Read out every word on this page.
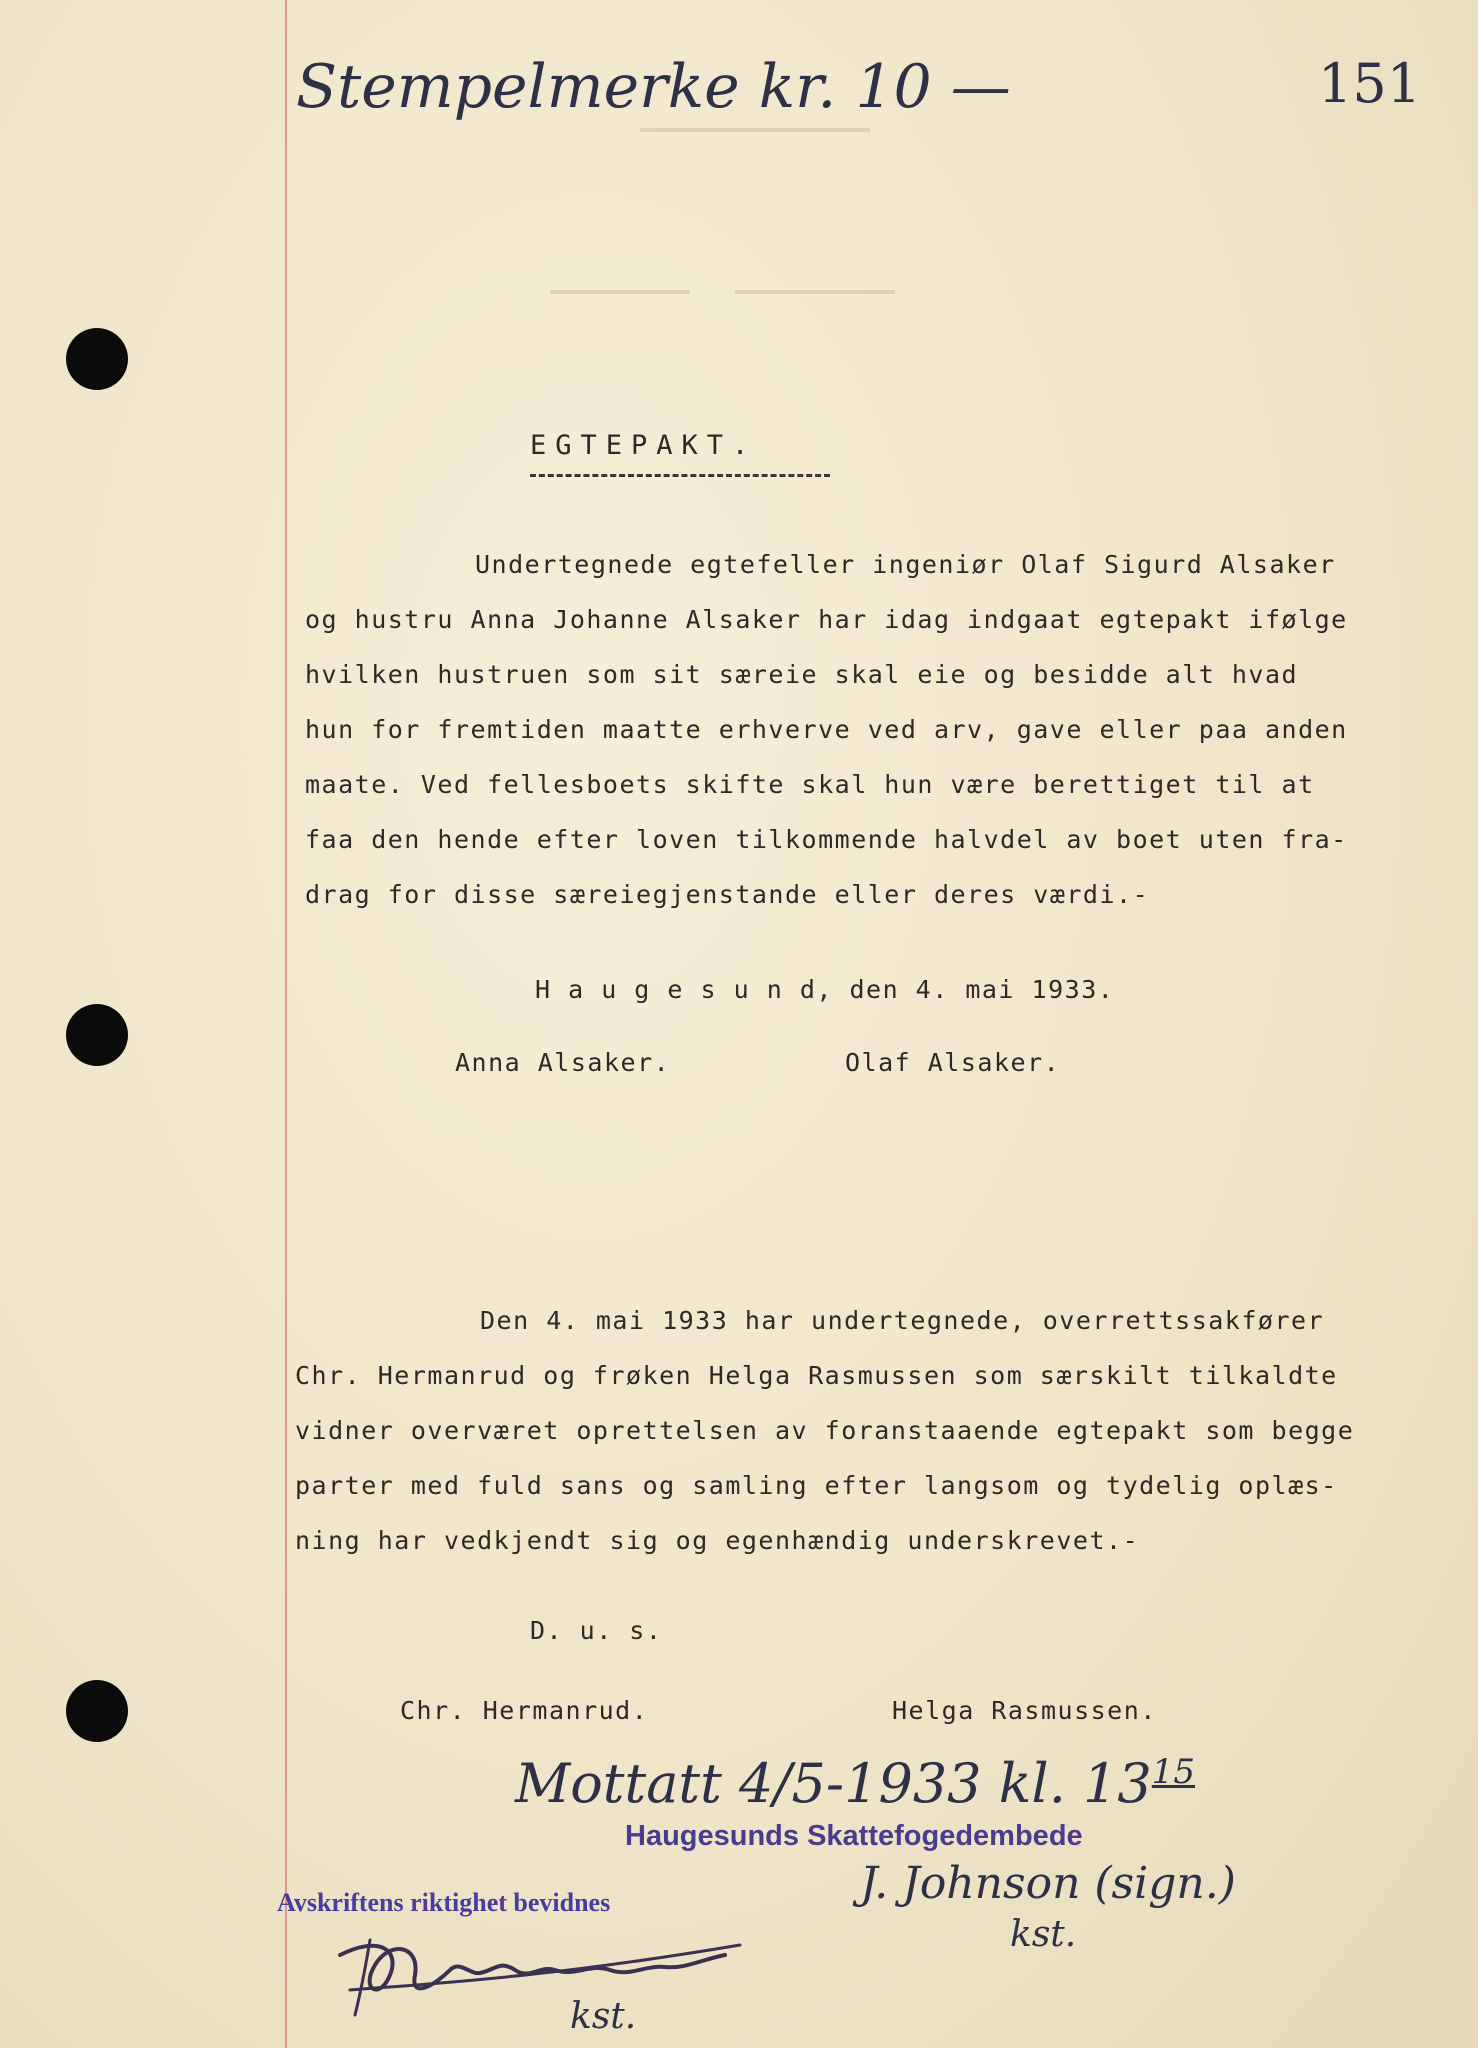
Stempelmerke kr. 10 —	151
EGTEPAKT.
Undertegnede egtefeller ingeniør Olaf Sigurd Alsaker
og hustru Anna Johanne Alsaker har idag indgaat egtepakt ifølge
hvilken hustruen som sit særeie skal eie og besidde alt hvad
hun for fremtiden maatte erhverve ved arv, gave eller paa anden
maate. Ved fellesboets skifte skal hun være berettiget til at
faa den hende efter loven tilkommende halvdel av boet uten fra-
drag for disse særeiegjenstande eller deres værdi.-
H a u g e s u n d, den 4. mai 1933.
Anna Alsaker.	Olaf Alsaker.
Den 4. mai 1933 har undertegnede, overrettssakfører
Chr. Hermanrud og frøken Helga Rasmussen som særskilt tilkaldte
vidner overværet oprettelsen av foranstaaende egtepakt som begge
parter med fuld sans og samling efter langsom og tydelig oplæs-
ning har vedkjendt sig og egenhændig underskrevet.-
D. u. s.
Chr. Hermanrud.	Helga Rasmussen.
Mottatt 4/5-1933 kl. $13^{15}$
Haugesunds Skattefogedembede
J. Johnson (sign.)
kst.
Avskriftens riktighet bevidnes
kst.
